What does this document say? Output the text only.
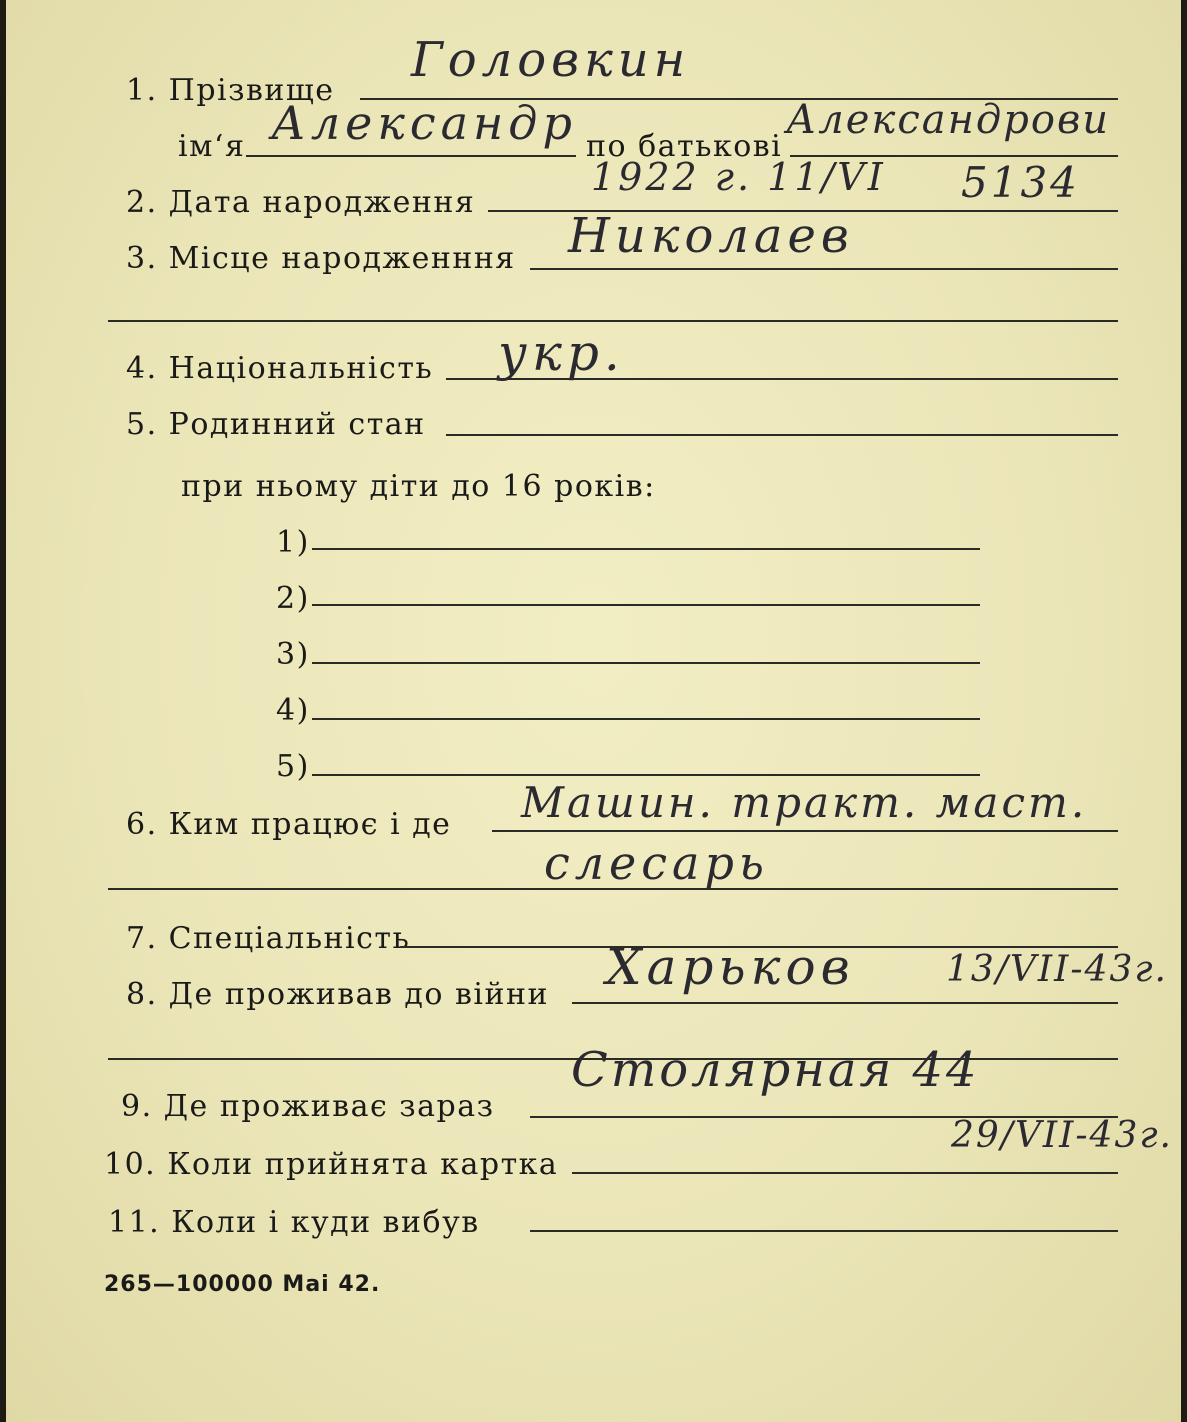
1. Прізвище
Головкин
ім‘я Александр по батькові
Александрови
2. Дата народження
1922 г. 11/VI 5134
3. Місце народженння Николаев
4. Національність укр.
5. Родинний стан
при ньому діти до 16 років:
1)
2)
3)
4)
5)
6. Ким працює і де Машин. тракт. маст.
слесарь
7. Спеціальність
8. Де проживав до війни Харьков	13/VII-43г.
9. Де проживає зараз
Столярная 44
10. Коли прийнята картка
29/VII-43г.
11. Коли і куди вибув
265—100000 Маі 42.
